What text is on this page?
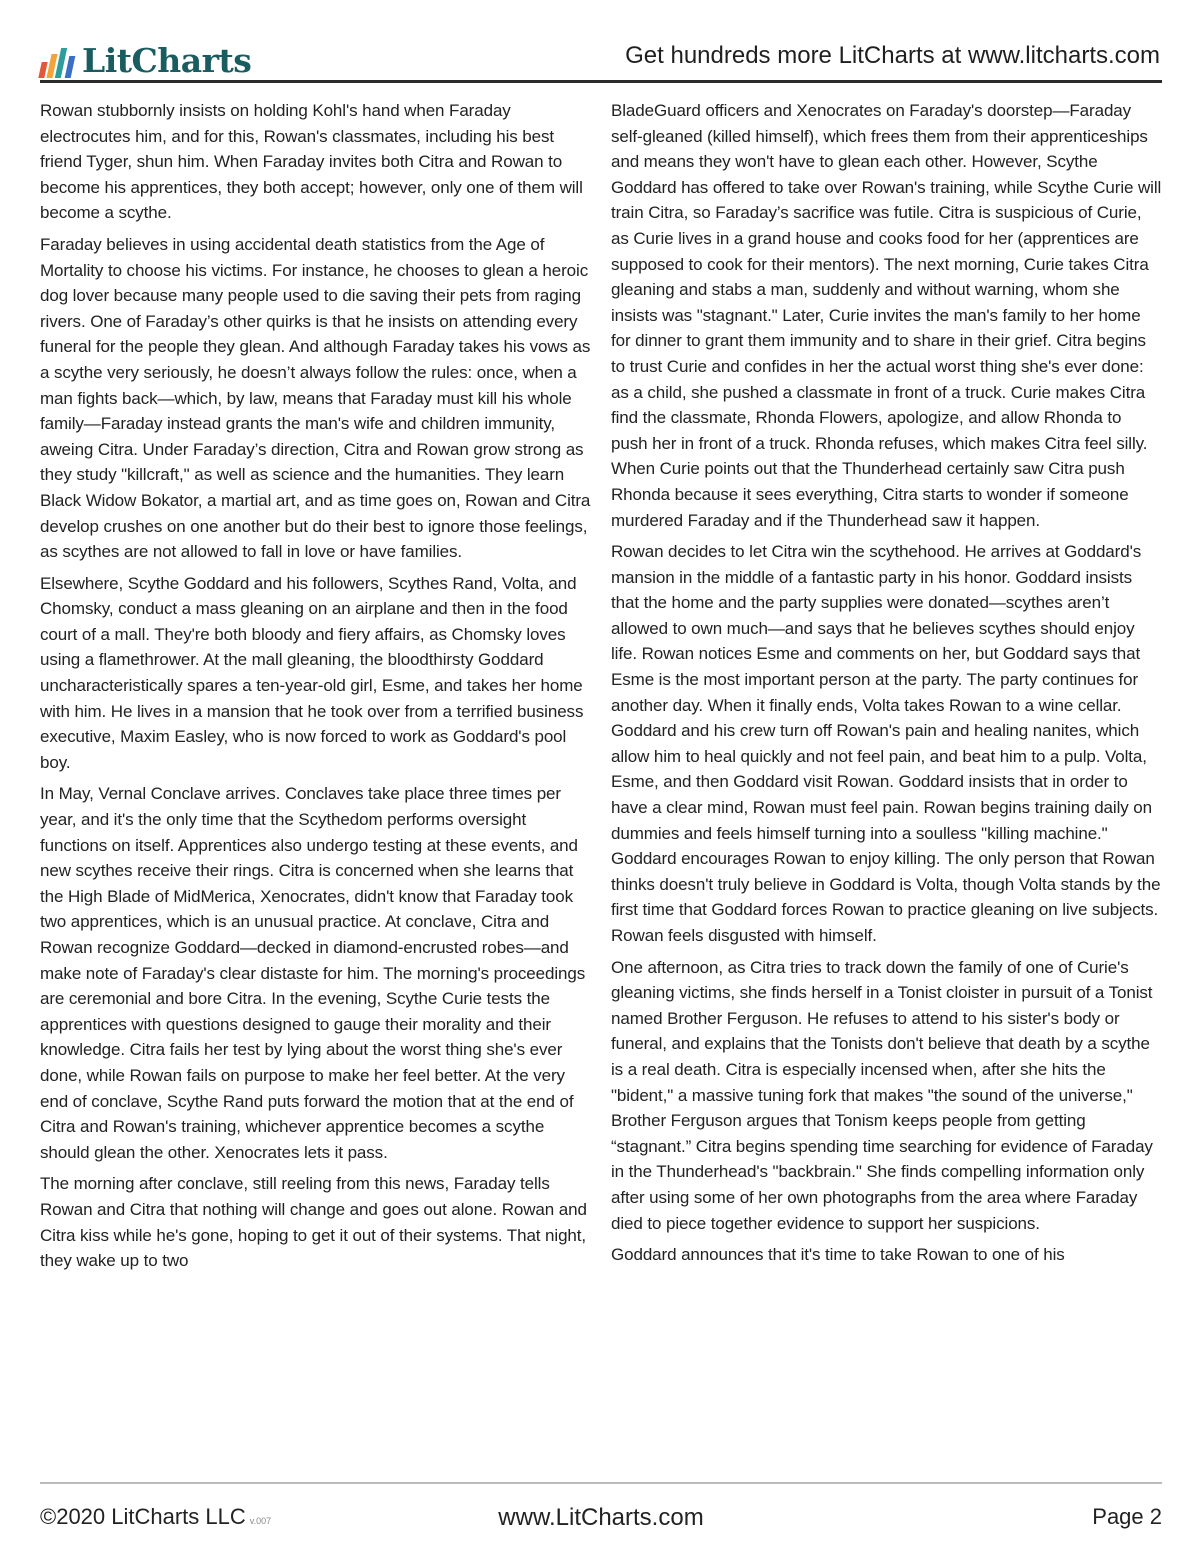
LitCharts	Get hundreds more LitCharts at www.litcharts.com

Rowan stubbornly insists on holding Kohl's hand when Faraday electrocutes him, and for this, Rowan's classmates, including his best friend Tyger, shun him. When Faraday invites both Citra and Rowan to become his apprentices, they both accept; however, only one of them will become a scythe.

Faraday believes in using accidental death statistics from the Age of Mortality to choose his victims. For instance, he chooses to glean a heroic dog lover because many people used to die saving their pets from raging rivers. One of Faraday’s other quirks is that he insists on attending every funeral for the people they glean. And although Faraday takes his vows as a scythe very seriously, he doesn’t always follow the rules: once, when a man fights back—which, by law, means that Faraday must kill his whole family—Faraday instead grants the man's wife and children immunity, aweing Citra. Under Faraday’s direction, Citra and Rowan grow strong as they study "killcraft," as well as science and the humanities. They learn Black Widow Bokator, a martial art, and as time goes on, Rowan and Citra develop crushes on one another but do their best to ignore those feelings, as scythes are not allowed to fall in love or have families.

Elsewhere, Scythe Goddard and his followers, Scythes Rand, Volta, and Chomsky, conduct a mass gleaning on an airplane and then in the food court of a mall. They're both bloody and fiery affairs, as Chomsky loves using a flamethrower. At the mall gleaning, the bloodthirsty Goddard uncharacteristically spares a ten-year-old girl, Esme, and takes her home with him. He lives in a mansion that he took over from a terrified business executive, Maxim Easley, who is now forced to work as Goddard's pool boy.

In May, Vernal Conclave arrives. Conclaves take place three times per year, and it's the only time that the Scythedom performs oversight functions on itself. Apprentices also undergo testing at these events, and new scythes receive their rings. Citra is concerned when she learns that the High Blade of MidMerica, Xenocrates, didn't know that Faraday took two apprentices, which is an unusual practice. At conclave, Citra and Rowan recognize Goddard—decked in diamond-encrusted robes—and make note of Faraday's clear distaste for him. The morning's proceedings are ceremonial and bore Citra. In the evening, Scythe Curie tests the apprentices with questions designed to gauge their morality and their knowledge. Citra fails her test by lying about the worst thing she's ever done, while Rowan fails on purpose to make her feel better. At the very end of conclave, Scythe Rand puts forward the motion that at the end of Citra and Rowan's training, whichever apprentice becomes a scythe should glean the other. Xenocrates lets it pass.

The morning after conclave, still reeling from this news, Faraday tells Rowan and Citra that nothing will change and goes out alone. Rowan and Citra kiss while he's gone, hoping to get it out of their systems. That night, they wake up to two

BladeGuard officers and Xenocrates on Faraday's doorstep—Faraday self-gleaned (killed himself), which frees them from their apprenticeships and means they won't have to glean each other. However, Scythe Goddard has offered to take over Rowan's training, while Scythe Curie will train Citra, so Faraday’s sacrifice was futile. Citra is suspicious of Curie, as Curie lives in a grand house and cooks food for her (apprentices are supposed to cook for their mentors). The next morning, Curie takes Citra gleaning and stabs a man, suddenly and without warning, whom she insists was "stagnant." Later, Curie invites the man's family to her home for dinner to grant them immunity and to share in their grief. Citra begins to trust Curie and confides in her the actual worst thing she's ever done: as a child, she pushed a classmate in front of a truck. Curie makes Citra find the classmate, Rhonda Flowers, apologize, and allow Rhonda to push her in front of a truck. Rhonda refuses, which makes Citra feel silly. When Curie points out that the Thunderhead certainly saw Citra push Rhonda because it sees everything, Citra starts to wonder if someone murdered Faraday and if the Thunderhead saw it happen.

Rowan decides to let Citra win the scythehood. He arrives at Goddard's mansion in the middle of a fantastic party in his honor. Goddard insists that the home and the party supplies were donated—scythes aren’t allowed to own much—and says that he believes scythes should enjoy life. Rowan notices Esme and comments on her, but Goddard says that Esme is the most important person at the party. The party continues for another day. When it finally ends, Volta takes Rowan to a wine cellar. Goddard and his crew turn off Rowan's pain and healing nanites, which allow him to heal quickly and not feel pain, and beat him to a pulp. Volta, Esme, and then Goddard visit Rowan. Goddard insists that in order to have a clear mind, Rowan must feel pain. Rowan begins training daily on dummies and feels himself turning into a soulless "killing machine." Goddard encourages Rowan to enjoy killing. The only person that Rowan thinks doesn't truly believe in Goddard is Volta, though Volta stands by the first time that Goddard forces Rowan to practice gleaning on live subjects. Rowan feels disgusted with himself.

One afternoon, as Citra tries to track down the family of one of Curie's gleaning victims, she finds herself in a Tonist cloister in pursuit of a Tonist named Brother Ferguson. He refuses to attend to his sister's body or funeral, and explains that the Tonists don't believe that death by a scythe is a real death. Citra is especially incensed when, after she hits the "bident," a massive tuning fork that makes "the sound of the universe," Brother Ferguson argues that Tonism keeps people from getting “stagnant.” Citra begins spending time searching for evidence of Faraday in the Thunderhead's "backbrain." She finds compelling information only after using some of her own photographs from the area where Faraday died to piece together evidence to support her suspicions.

Goddard announces that it's time to take Rowan to one of his

©2020 LitCharts LLC v.007	www.LitCharts.com	Page 2
